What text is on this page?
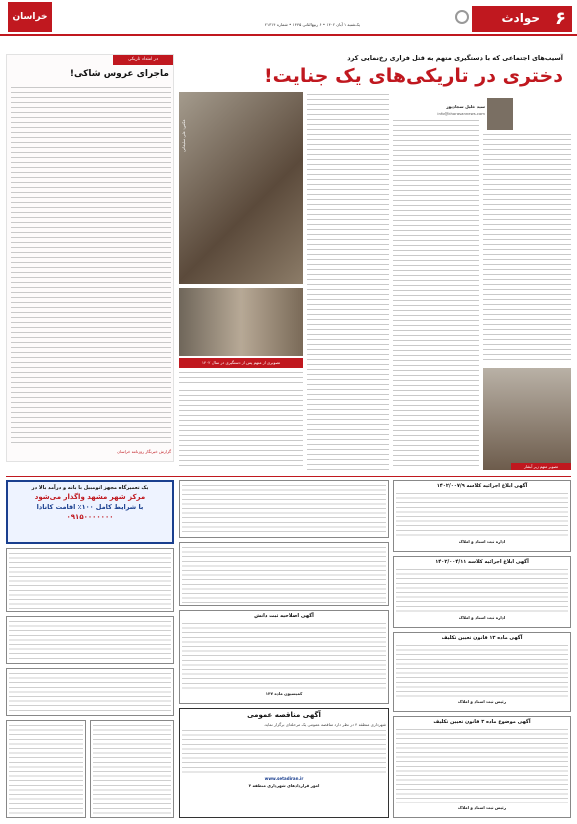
۶
حوادث
خراسان
یک‌شنبه ۱ آبان ۱۴۰۲ • ۶ ربیع‌الثانی ۱۴۴۵ • شماره ۲۱۳۱۴
آسیب‌های اجتماعی که با دستگیری متهم به قتل فراری رخ‌نمایی کرد
دختری در تاریکی‌های یک جنایت!
سید خلیل سجادپور
info@khorasannews.com
تصویر متهم زیر آبشار
عکس: علی سلیمانی
تصویری از متهم پس از دستگیری در سال ۱۴۰۲
در امتداد تاریکی
ماجرای عروس شاکی!
گزارش خبرنگار روزنامه خراسان
آگهی ابلاغ اجرائیه کلاسه ۱۴۰۲/۰۰۷/۹
اداره ثبت اسناد و املاک
آگهی ابلاغ اجرائیه کلاسه ۱۴۰۲/۰۰۴/۱۱
اداره ثبت اسناد و املاک
آگهی ماده ۱۳ قانون تعیین تکلیف
رئیس ثبت اسناد و املاک
آگهی موضوع ماده ۳ قانون تعیین تکلیف
رئیس ثبت اسناد و املاک
آگهی اصلاحیه ثبت دانش
کمیسیون ماده ۱۴۷
آگهی مناقصه عمومی
شهرداری منطقه ۴ در نظر دارد مناقصه عمومی یک مرحله‌ای برگزار نماید.
www.setadiran.ir
امور قراردادهای شهرداری منطقه ۴
یک تعمیرگاه مجهز اتومبیل با بانه و درآمد بالا در
مرکز شهر مشهد واگذار می‌شود
با شرایط کامل ۱۰۰٪ اقامت کانادا
۰۹۱۵۰۰۰۰۰۰۰
